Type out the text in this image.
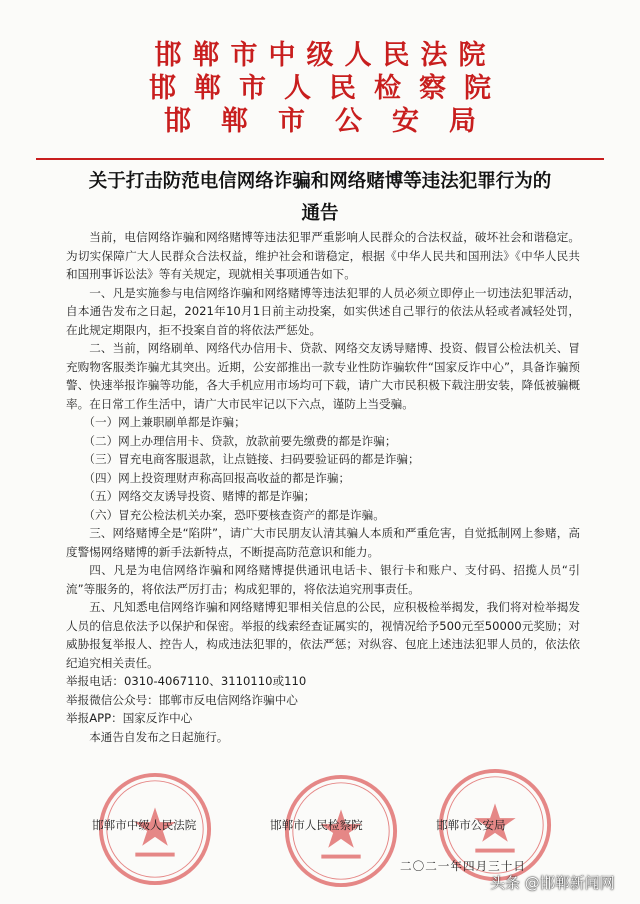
邯郸市中级人民法院
邯郸市人民检察院
邯郸市公安局
关于打击防范电信网络诈骗和网络赌博等违法犯罪行为的
通告

当前，电信网络诈骗和网络赌博等违法犯罪严重影响人民群众的合法权益，破坏社会和谐稳定。为切实保障广大人民群众合法权益，维护社会和谐稳定，根据《中华人民共和国刑法》《中华人民共和国刑事诉讼法》等有关规定，现就相关事项通告如下。

一、凡是实施参与电信网络诈骗和网络赌博等违法犯罪的人员必须立即停止一切违法犯罪活动，自本通告发布之日起，2021年10月1日前主动投案，如实供述自己罪行的依法从轻或者减轻处罚，在此规定期限内，拒不投案自首的将依法严惩处。

二、当前，网络刷单、网络代办信用卡、贷款、网络交友诱导赌博、投资、假冒公检法机关、冒充购物客服类诈骗尤其突出。近期，公安部推出一款专业性防诈骗软件“国家反诈中心”，具备诈骗预警、快速举报诈骗等功能，各大手机应用市场均可下载，请广大市民积极下载注册安装，降低被骗概率。在日常工作生活中，请广大市民牢记以下六点，谨防上当受骗。

（一）网上兼职刷单都是诈骗；

（二）网上办理信用卡、贷款，放款前要先缴费的都是诈骗；

（三）冒充电商客服退款，让点链接、扫码要验证码的都是诈骗；

（四）网上投资理财声称高回报高收益的都是诈骗；

（五）网络交友诱导投资、赌博的都是诈骗；

（六）冒充公检法机关办案，恐吓要核查资产的都是诈骗。

三、网络赌博全是“陷阱”，请广大市民朋友认清其骗人本质和严重危害，自觉抵制网上参赌，高度警惕网络赌博的新手法新特点，不断提高防范意识和能力。

四、凡是为电信网络诈骗和网络赌博提供通讯电话卡、银行卡和账户、支付码、招揽人员“引流”等服务的，将依法严厉打击；构成犯罪的，将依法追究刑事责任。

五、凡知悉电信网络诈骗和网络赌博犯罪相关信息的公民，应积极检举揭发，我们将对检举揭发人员的信息依法予以保护和保密。举报的线索经查证属实的，视情况给予500元至50000元奖励；对威胁报复举报人、控告人，构成违法犯罪的，依法严惩；对纵容、包庇上述违法犯罪人员的，依法依纪追究相关责任。

举报电话：0310-4067110、3110110或110

举报微信公众号：邯郸市反电信网络诈骗中心

举报APP：国家反诈中心

本通告自发布之日起施行。

邯郸市中级人民法院	邯郸市人民检察院	邯郸市公安局
二〇二一年四月三十日
头条 @邯郸新闻网
